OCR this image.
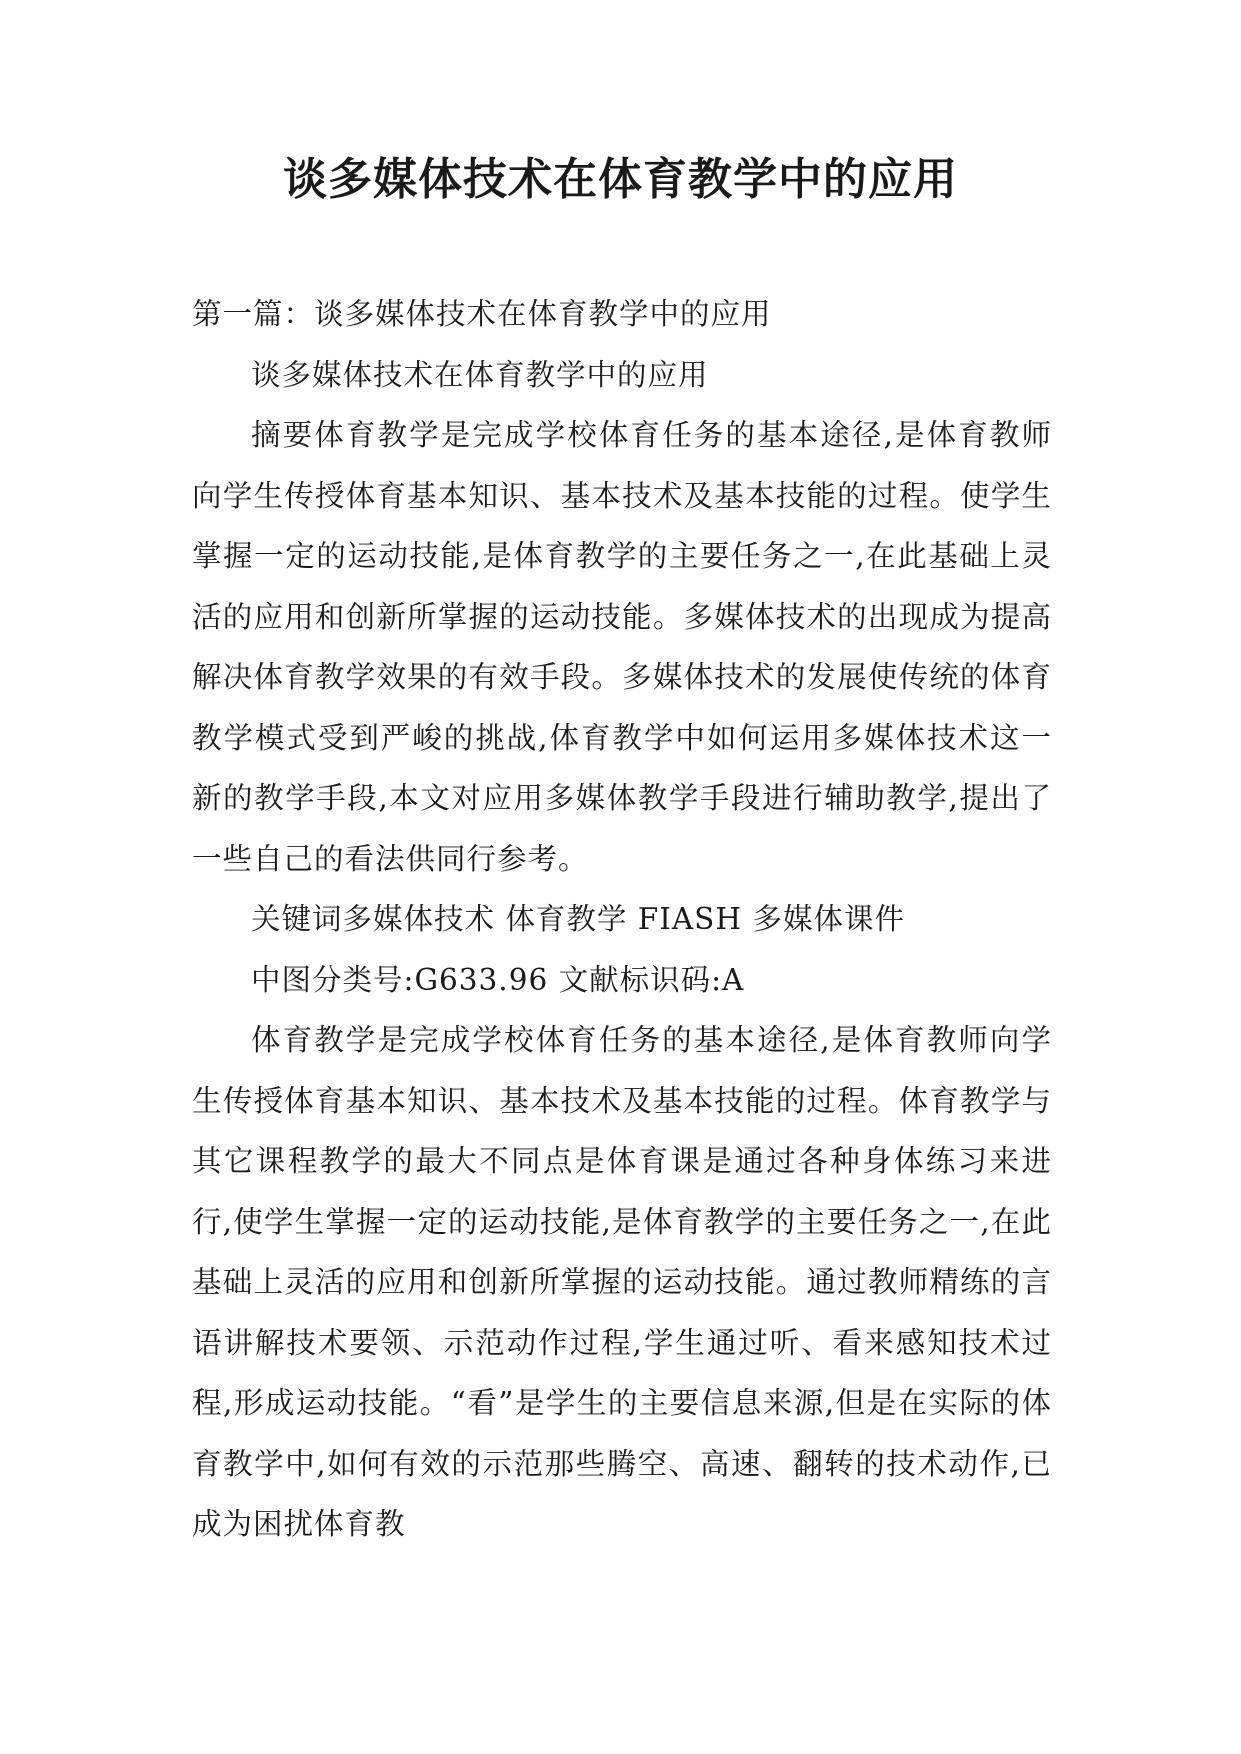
谈多媒体技术在体育教学中的应用

第一篇：谈多媒体技术在体育教学中的应用

谈多媒体技术在体育教学中的应用

摘要体育教学是完成学校体育任务的基本途径,是体育教师向学生传授体育基本知识、基本技术及基本技能的过程。使学生掌握一定的运动技能,是体育教学的主要任务之一,在此基础上灵活的应用和创新所掌握的运动技能。多媒体技术的出现成为提高解决体育教学效果的有效手段。多媒体技术的发展使传统的体育教学模式受到严峻的挑战,体育教学中如何运用多媒体技术这一新的教学手段,本文对应用多媒体教学手段进行辅助教学,提出了一些自己的看法供同行参考。

关键词多媒体技术 体育教学 FIASH 多媒体课件

中图分类号:G633.96 文献标识码:A

体育教学是完成学校体育任务的基本途径,是体育教师向学生传授体育基本知识、基本技术及基本技能的过程。体育教学与其它课程教学的最大不同点是体育课是通过各种身体练习来进行,使学生掌握一定的运动技能,是体育教学的主要任务之一,在此基础上灵活的应用和创新所掌握的运动技能。通过教师精练的言语讲解技术要领、示范动作过程,学生通过听、看来感知技术过程,形成运动技能。“看”是学生的主要信息来源,但是在实际的体育教学中,如何有效的示范那些腾空、高速、翻转的技术动作,已成为困扰体育教
